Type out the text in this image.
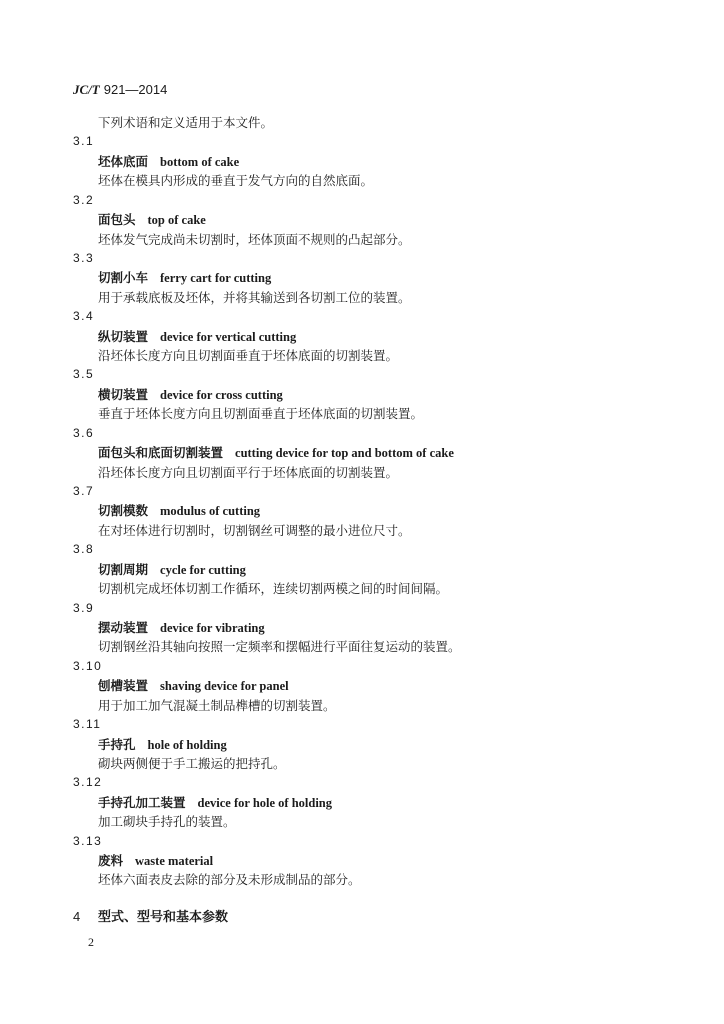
JC/T 921—2014
下列术语和定义适用于本文件。
3.1
坯体底面 bottom of cake
坯体在模具内形成的垂直于发气方向的自然底面。
3.2
面包头 top of cake
坯体发气完成尚未切割时，坯体顶面不规则的凸起部分。
3.3
切割小车 ferry cart for cutting
用于承载底板及坯体，并将其输送到各切割工位的装置。
3.4
纵切装置 device for vertical cutting
沿坯体长度方向且切割面垂直于坯体底面的切割装置。
3.5
横切装置 device for cross cutting
垂直于坯体长度方向且切割面垂直于坯体底面的切割装置。
3.6
面包头和底面切割装置 cutting device for top and bottom of cake
沿坯体长度方向且切割面平行于坯体底面的切割装置。
3.7
切割模数 modulus of cutting
在对坯体进行切割时，切割钢丝可调整的最小进位尺寸。
3.8
切割周期 cycle for cutting
切割机完成坯体切割工作循环，连续切割两模之间的时间间隔。
3.9
摆动装置 device for vibrating
切割钢丝沿其轴向按照一定频率和摆幅进行平面往复运动的装置。
3.10
刨槽装置 shaving device for panel
用于加工加气混凝土制品榫槽的切割装置。
3.11
手持孔 hole of holding
砌块两侧便于手工搬运的把持孔。
3.12
手持孔加工装置 device for hole of holding
加工砌块手持孔的装置。
3.13
废料 waste material
坯体六面表皮去除的部分及未形成制品的部分。
4 型式、型号和基本参数
2
